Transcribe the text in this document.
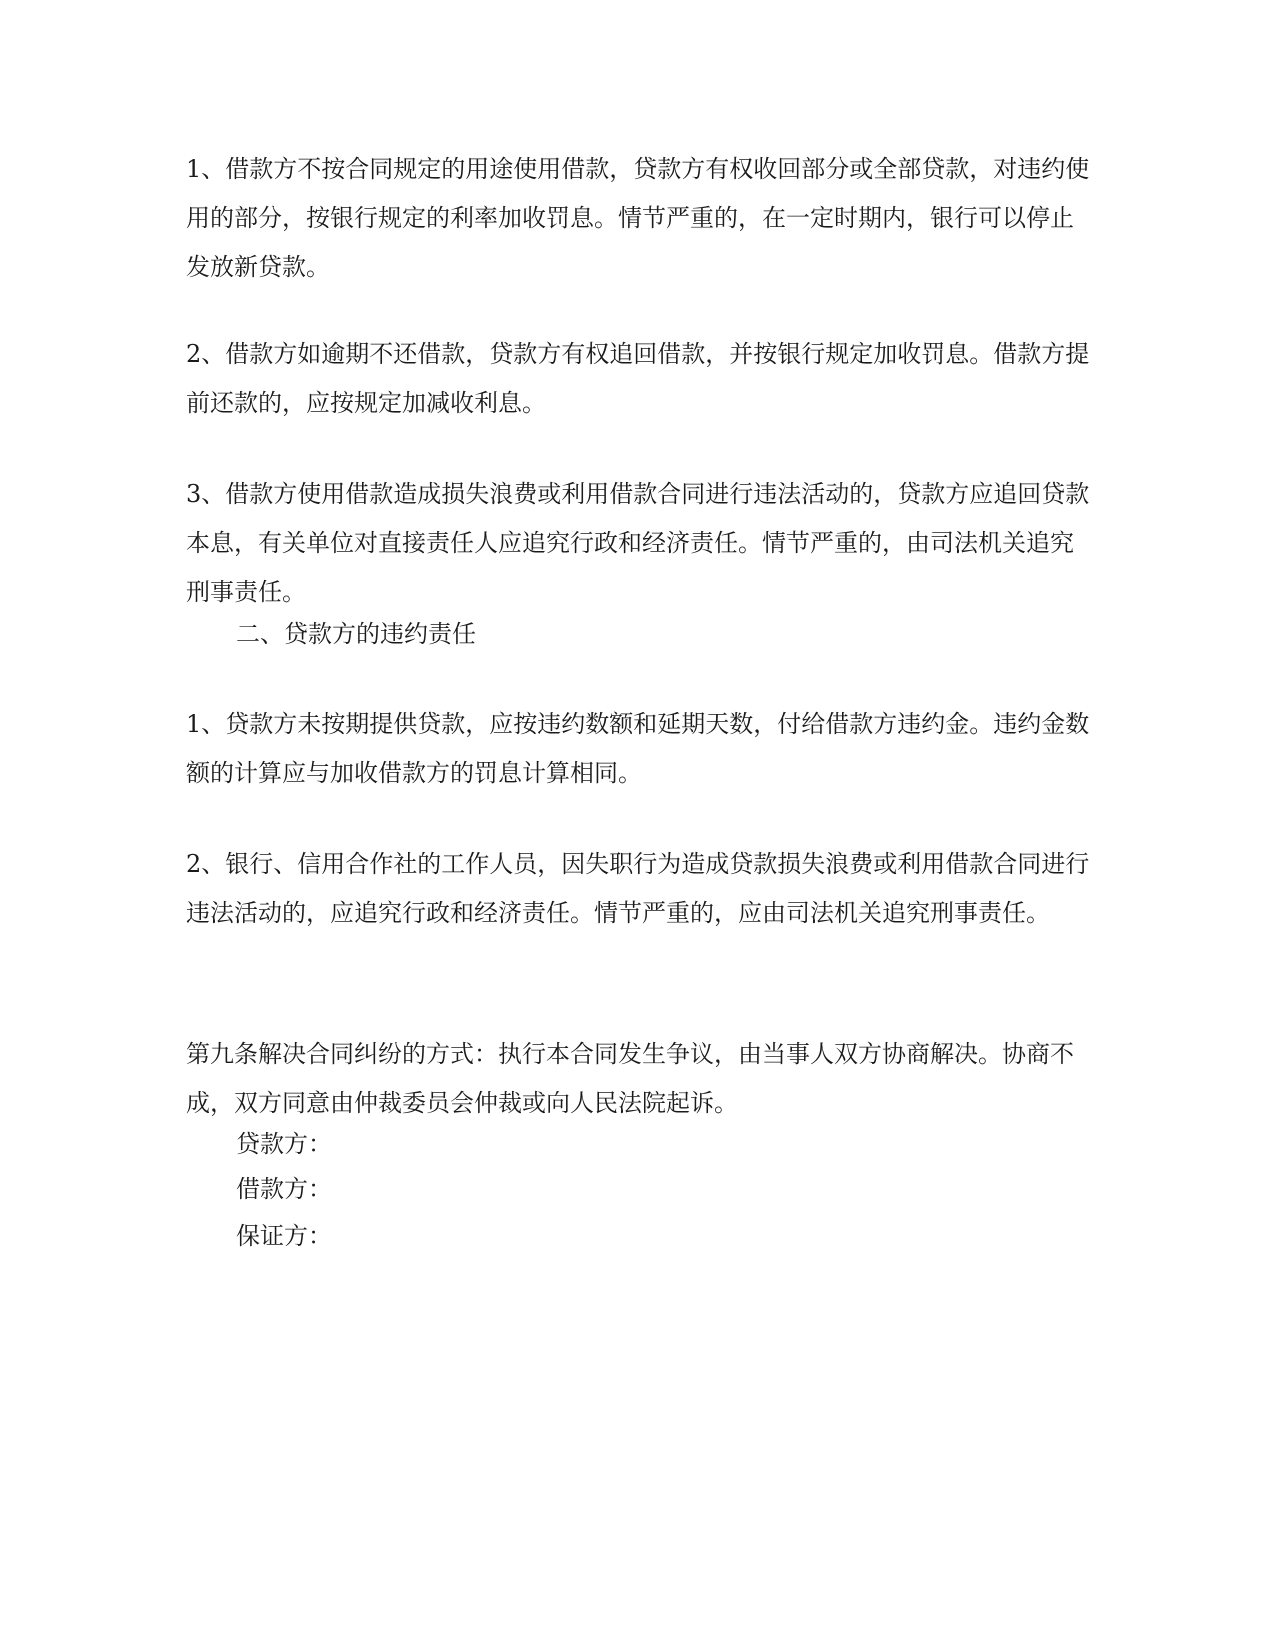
1、借款方不按合同规定的用途使用借款，贷款方有权收回部分或全部贷款，对违约使用的部分，按银行规定的利率加收罚息。情节严重的，在一定时期内，银行可以停止发放新贷款。

2、借款方如逾期不还借款，贷款方有权追回借款，并按银行规定加收罚息。借款方提前还款的，应按规定加减收利息。

3、借款方使用借款造成损失浪费或利用借款合同进行违法活动的，贷款方应追回贷款本息，有关单位对直接责任人应追究行政和经济责任。情节严重的，由司法机关追究刑事责任。

二、贷款方的违约责任

1、贷款方未按期提供贷款，应按违约数额和延期天数，付给借款方违约金。违约金数额的计算应与加收借款方的罚息计算相同。

2、银行、信用合作社的工作人员，因失职行为造成贷款损失浪费或利用借款合同进行违法活动的，应追究行政和经济责任。情节严重的，应由司法机关追究刑事责任。

第九条解决合同纠纷的方式：执行本合同发生争议，由当事人双方协商解决。协商不成，双方同意由仲裁委员会仲裁或向人民法院起诉。

贷款方：

借款方：

保证方：
